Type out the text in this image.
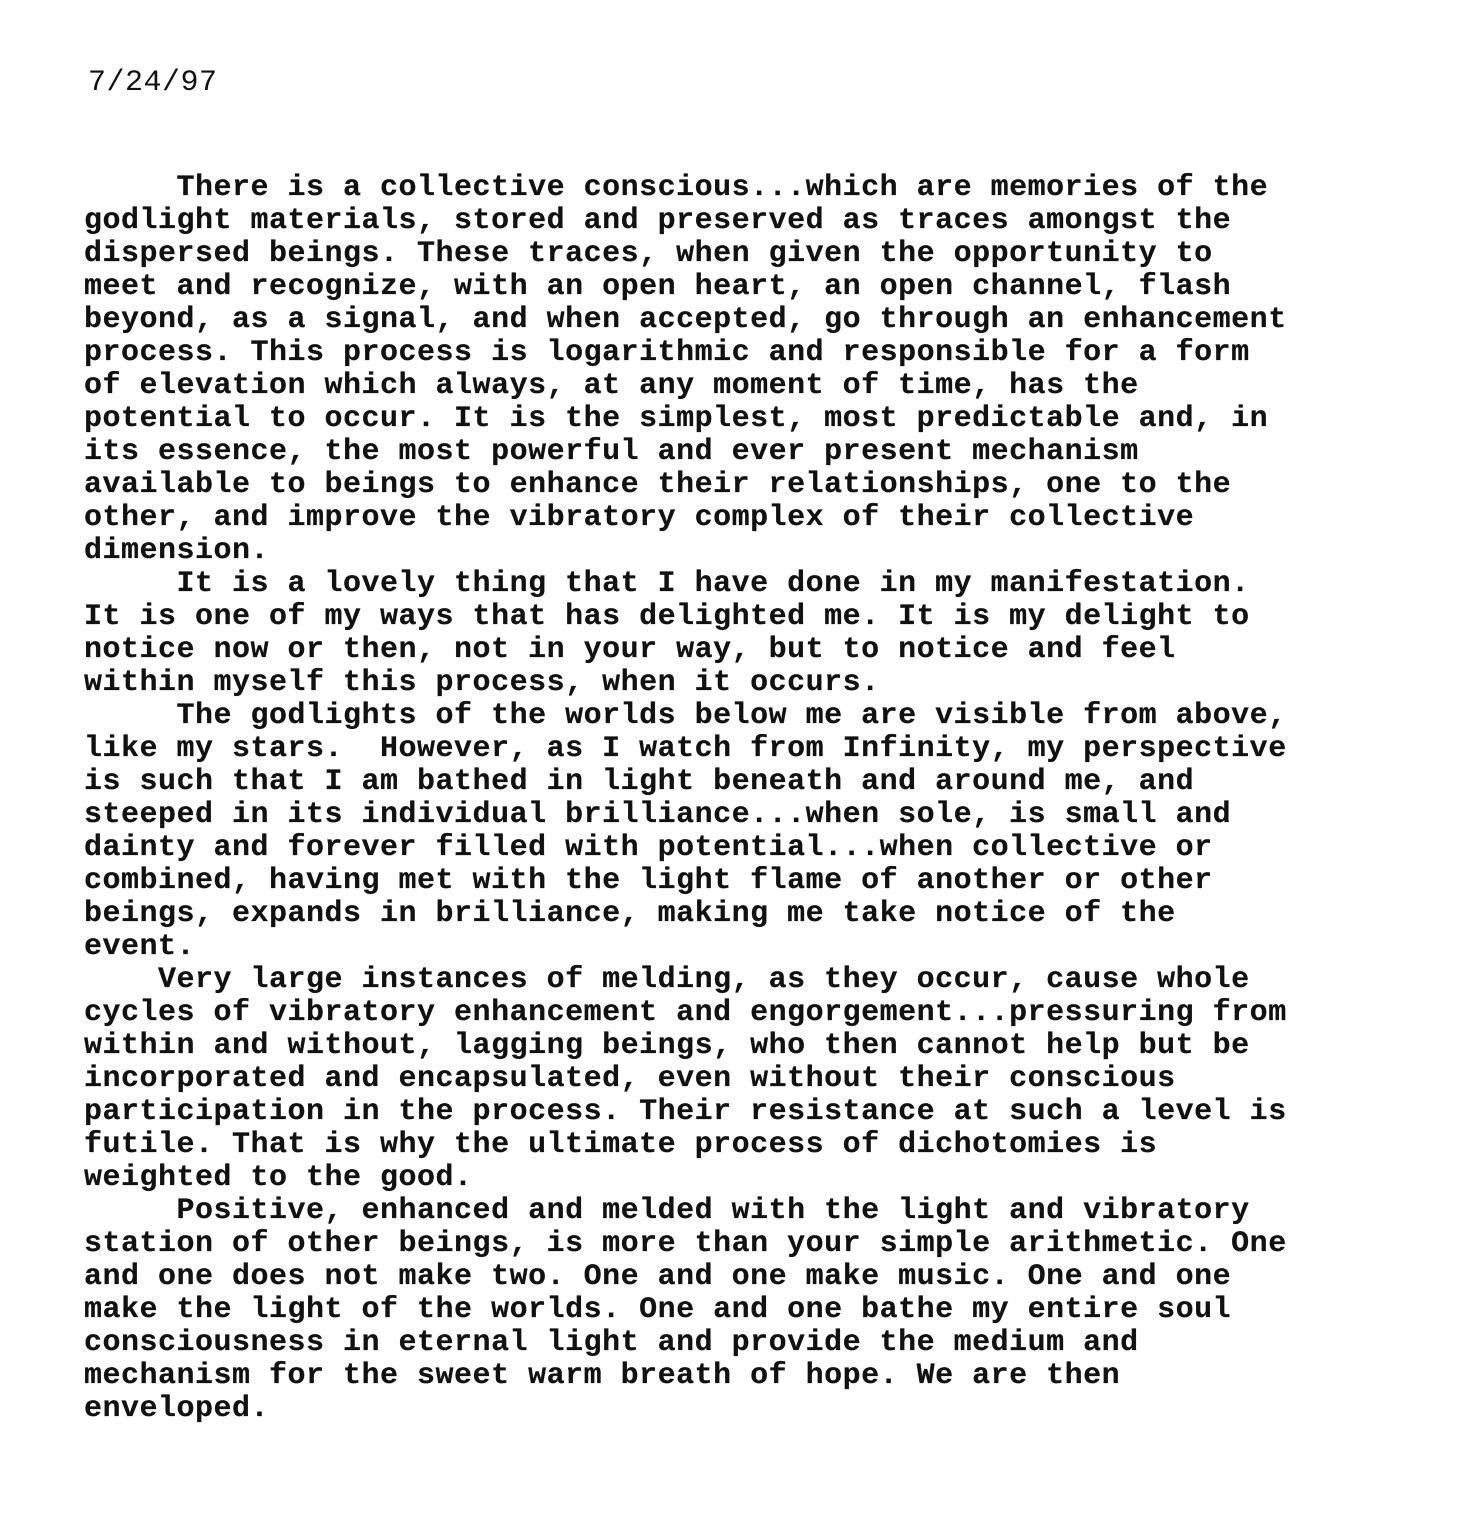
7/24/97
There is a collective conscious...which are memories of the
godlight materials, stored and preserved as traces amongst the
dispersed beings. These traces, when given the opportunity to
meet and recognize, with an open heart, an open channel, flash
beyond, as a signal, and when accepted, go through an enhancement
process. This process is logarithmic and responsible for a form
of elevation which always, at any moment of time, has the
potential to occur. It is the simplest, most predictable and, in
its essence, the most powerful and ever present mechanism
available to beings to enhance their relationships, one to the
other, and improve the vibratory complex of their collective
dimension.
It is a lovely thing that I have done in my manifestation.
It is one of my ways that has delighted me. It is my delight to
notice now or then, not in your way, but to notice and feel
within myself this process, when it occurs.
The godlights of the worlds below me are visible from above,
like my stars.  However, as I watch from Infinity, my perspective
is such that I am bathed in light beneath and around me, and
steeped in its individual brilliance...when sole, is small and
dainty and forever filled with potential...when collective or
combined, having met with the light flame of another or other
beings, expands in brilliance, making me take notice of the
event.
Very large instances of melding, as they occur, cause whole
cycles of vibratory enhancement and engorgement...pressuring from
within and without, lagging beings, who then cannot help but be
incorporated and encapsulated, even without their conscious
participation in the process. Their resistance at such a level is
futile. That is why the ultimate process of dichotomies is
weighted to the good.
Positive, enhanced and melded with the light and vibratory
station of other beings, is more than your simple arithmetic. One
and one does not make two. One and one make music. One and one
make the light of the worlds. One and one bathe my entire soul
consciousness in eternal light and provide the medium and
mechanism for the sweet warm breath of hope. We are then
enveloped.
